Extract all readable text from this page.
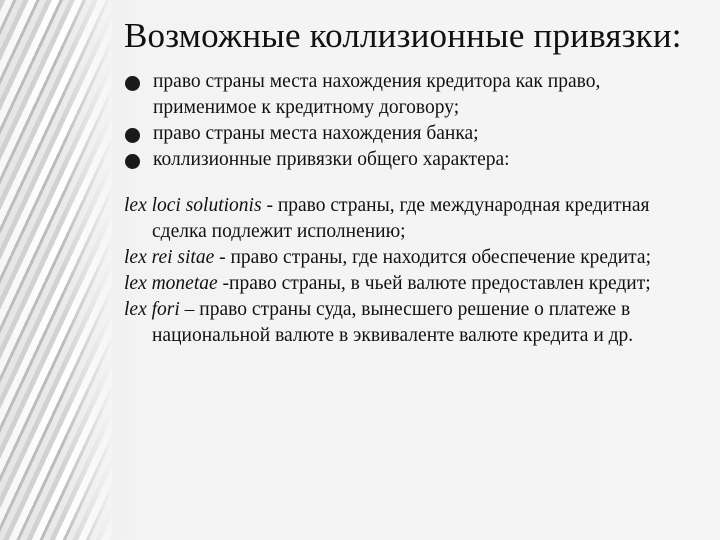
Возможные коллизионные привязки:
право страны места нахождения кредитора как право, применимое к кредитному договору;
право страны места нахождения банка;
коллизионные привязки общего характера:
lex loci solutionis - право страны, где международная кредитная сделка подлежит исполнению;
lex rei sitae - право страны, где находится обеспечение кредита;
lex monetae -право страны, в чьей валюте предоставлен кредит;
lex fori – право страны суда, вынесшего решение о платеже в национальной валюте в эквиваленте валюте кредита и др.
